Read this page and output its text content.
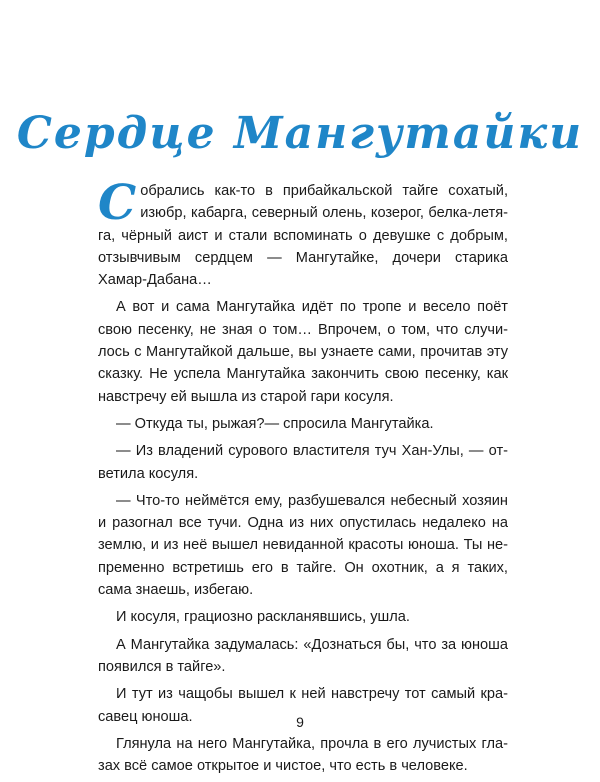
Сердце Мангутайки

Собрались как-то в прибайкальской тайге сохатый, изюбр, кабарга, северный олень, козерог, белка-летя-га, чёрный аист и стали вспоминать о девушке с добрым, отзывчивым сердцем — Мангутайке, дочери старика Хамар-Дабана…

А вот и сама Мангутайка идёт по тропе и весело поёт свою песенку, не зная о том… Впрочем, о том, что случи-лось с Мангутайкой дальше, вы узнаете сами, прочитав эту сказку. Не успела Мангутайка закончить свою песенку, как навстречу ей вышла из старой гари косуля.

— Откуда ты, рыжая?— спросила Мангутайка.

— Из владений сурового властителя туч Хан-Улы, — от-ветила косуля.

— Что-то неймётся ему, разбушевался небесный хозяин и разогнал все тучи. Одна из них опустилась недалеко на землю, и из неё вышел невиданной красоты юноша. Ты не-пременно встретишь его в тайге. Он охотник, а я таких, сама знаешь, избегаю.

И косуля, грациозно раскланявшись, ушла.

А Мангутайка задумалась: «Дознаться бы, что за юноша появился в тайге».

И тут из чащобы вышел к ней навстречу тот самый кра-савец юноша.

Глянула на него Мангутайка, прочла в его лучистых гла-зах всё самое открытое и чистое, что есть в человеке.

9
